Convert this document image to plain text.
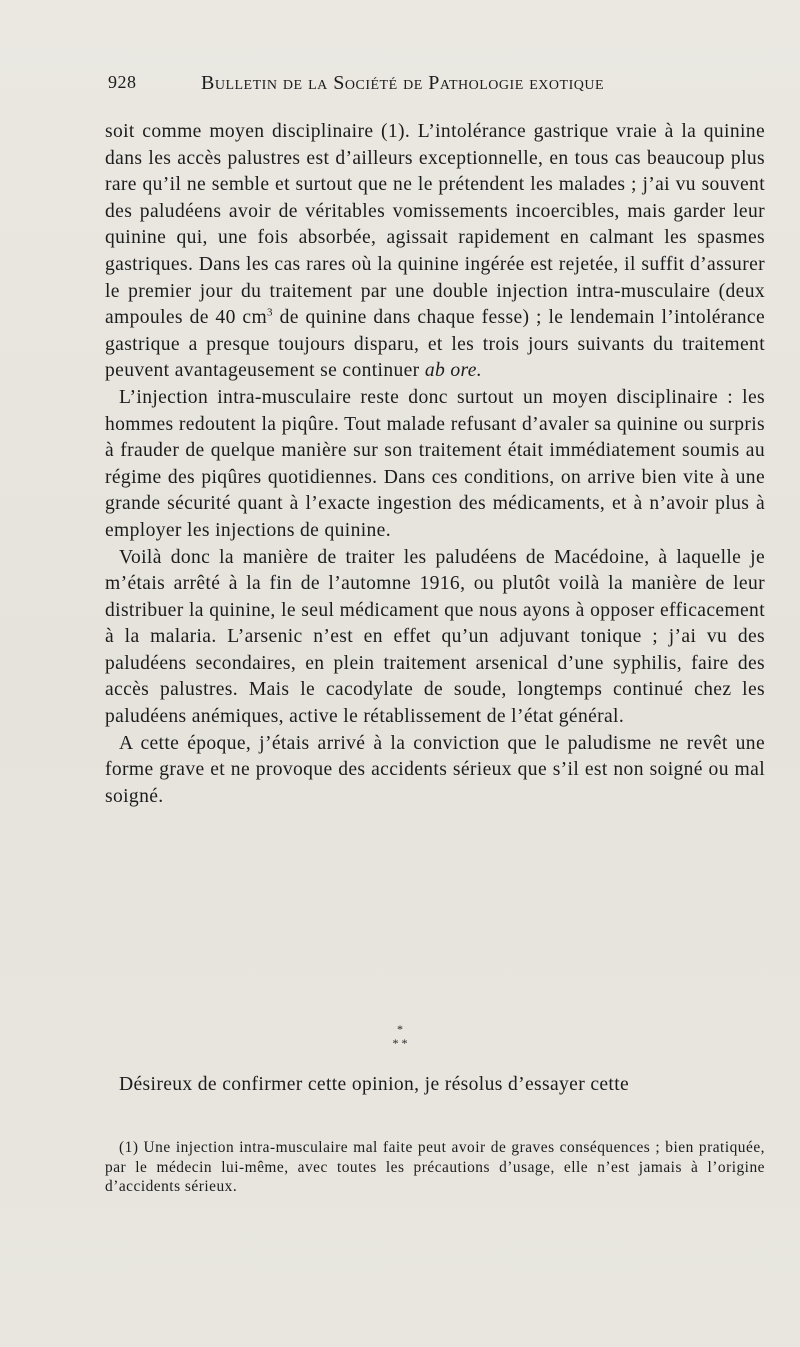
928	Bulletin de la Société de Pathologie exotique

soit comme moyen disciplinaire (1). L’intolérance gastrique vraie à la quinine dans les accès palustres est d’ailleurs exceptionnelle, en tous cas beaucoup plus rare qu’il ne semble et surtout que ne le prétendent les malades ; j’ai vu souvent des paludéens avoir de véritables vomissements incoercibles, mais garder leur quinine qui, une fois absorbée, agissait rapidement en calmant les spasmes gastriques. Dans les cas rares où la quinine ingérée est rejetée, il suffit d’assurer le premier jour du traitement par une double injection intra-musculaire (deux ampoules de 40 $cm^3$ de quinine dans chaque fesse) ; le lendemain l’intolérance gastrique a presque toujours disparu, et les trois jours suivants du traitement peuvent avantageusement se continuer ab ore.

L’injection intra-musculaire reste donc surtout un moyen disciplinaire : les hommes redoutent la piqûre. Tout malade refusant d’avaler sa quinine ou surpris à frauder de quelque manière sur son traitement était immédiatement soumis au régime des piqûres quotidiennes. Dans ces conditions, on arrive bien vite à une grande sécurité quant à l’exacte ingestion des médicaments, et à n’avoir plus à employer les injections de quinine.

Voilà donc la manière de traiter les paludéens de Macédoine, à laquelle je m’étais arrêté à la fin de l’automne 1916, ou plutôt voilà la manière de leur distribuer la quinine, le seul médicament que nous ayons à opposer efficacement à la malaria. L’arsenic n’est en effet qu’un adjuvant tonique ; j’ai vu des paludéens secondaires, en plein traitement arsenical d’une syphilis, faire des accès palustres. Mais le cacodylate de soude, longtemps continué chez les paludéens anémiques, active le rétablissement de l’état général.

A cette époque, j’étais arrivé à la conviction que le paludisme ne revêt une forme grave et ne provoque des accidents sérieux que s’il est non soigné ou mal soigné.

*
* *
Désireux de confirmer cette opinion, je résolus d’essayer cette
(1) Une injection intra-musculaire mal faite peut avoir de graves conséquences ; bien pratiquée, par le médecin lui-même, avec toutes les précautions d’usage, elle n’est jamais à l’origine d’accidents sérieux.
